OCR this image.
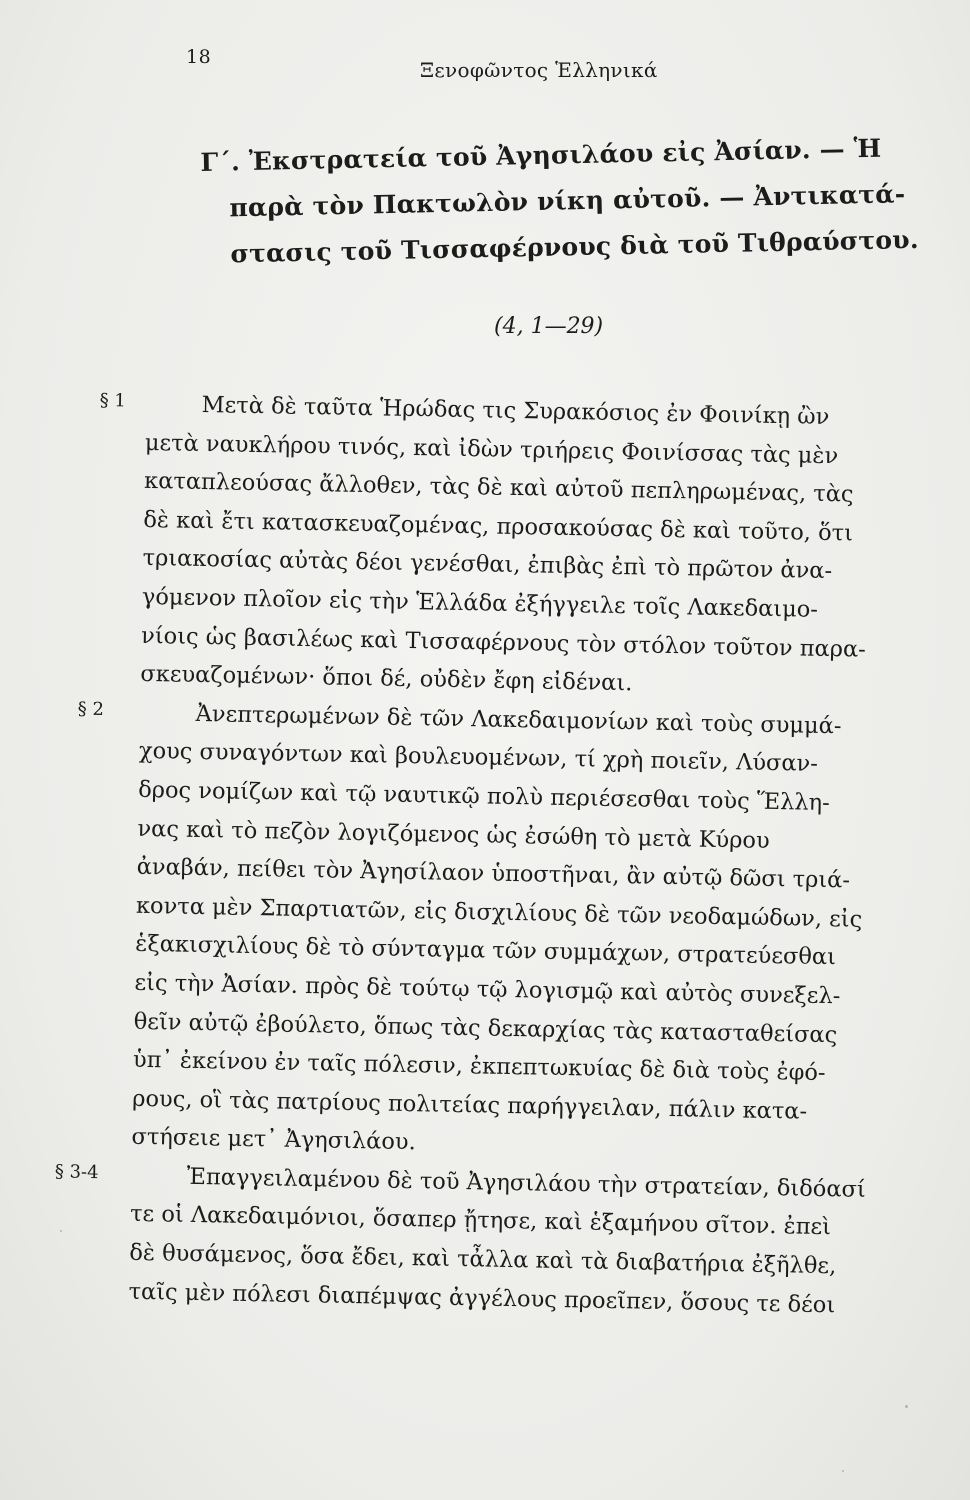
18
Ξενοφῶντος Ἑλληνικά
Γ΄. Ἐκστρατεία τοῦ Ἀγησιλάου εἰς Ἀσίαν. — Ἡ
παρὰ τὸν Πακτωλὸν νίκη αὐτοῦ. — Ἀντικατά-
στασις τοῦ Τισσαφέρνους διὰ τοῦ Τιθραύστου.
(4, 1—29)
§ 1	Μετὰ δὲ ταῦτα Ἡρώδας τις Συρακόσιος ἐν Φοινίκῃ ὢν
μετὰ ναυκλήρου τινός, καὶ ἰδὼν τριήρεις Φοινίσσας τὰς μὲν
καταπλεούσας ἄλλοθεν, τὰς δὲ καὶ αὐτοῦ πεπληρωμένας, τὰς
δὲ καὶ ἔτι κατασκευαζομένας, προσακούσας δὲ καὶ τοῦτο, ὅτι
τριακοσίας αὐτὰς δέοι γενέσθαι, ἐπιβὰς ἐπὶ τὸ πρῶτον ἀνα-
γόμενον πλοῖον εἰς τὴν Ἑλλάδα ἐξήγγειλε τοῖς Λακεδαιμο-
νίοις ὡς βασιλέως καὶ Τισσαφέρνους τὸν στόλον τοῦτον παρα-
σκευαζομένων· ὅποι δέ, οὐδὲν ἔφη εἰδέναι.
§ 2	Ἀνεπτερωμένων δὲ τῶν Λακεδαιμονίων καὶ τοὺς συμμά-
χους συναγόντων καὶ βουλευομένων, τί χρὴ ποιεῖν, Λύσαν-
δρος νομίζων καὶ τῷ ναυτικῷ πολὺ περιέσεσθαι τοὺς Ἕλλη-
νας καὶ τὸ πεζὸν λογιζόμενος ὡς ἐσώθη τὸ μετὰ Κύρου
ἀναβάν, πείθει τὸν Ἀγησίλαον ὑποστῆναι, ἂν αὐτῷ δῶσι τριά-
κοντα μὲν Σπαρτιατῶν, εἰς δισχιλίους δὲ τῶν νεοδαμώδων, εἰς
ἑξακισχιλίους δὲ τὸ σύνταγμα τῶν συμμάχων, στρατεύεσθαι
εἰς τὴν Ἀσίαν. πρὸς δὲ τούτῳ τῷ λογισμῷ καὶ αὐτὸς συνεξελ-
θεῖν αὐτῷ ἐβούλετο, ὅπως τὰς δεκαρχίας τὰς κατασταθείσας
ὑπ᾽ ἐκείνου ἐν ταῖς πόλεσιν, ἐκπεπτωκυίας δὲ διὰ τοὺς ἐφό-
ρους, οἳ τὰς πατρίους πολιτείας παρήγγειλαν, πάλιν κατα-
στήσειε μετ᾽ Ἀγησιλάου.
§ 3-4	Ἐπαγγειλαμένου δὲ τοῦ Ἀγησιλάου τὴν στρατείαν, διδόασί
τε οἱ Λακεδαιμόνιοι, ὅσαπερ ᾔτησε, καὶ ἑξαμήνου σῖτον. ἐπεὶ
δὲ θυσάμενος, ὅσα ἔδει, καὶ τἆλλα καὶ τὰ διαβατήρια ἐξῆλθε,
ταῖς μὲν πόλεσι διαπέμψας ἀγγέλους προεῖπεν, ὅσους τε δέοι
